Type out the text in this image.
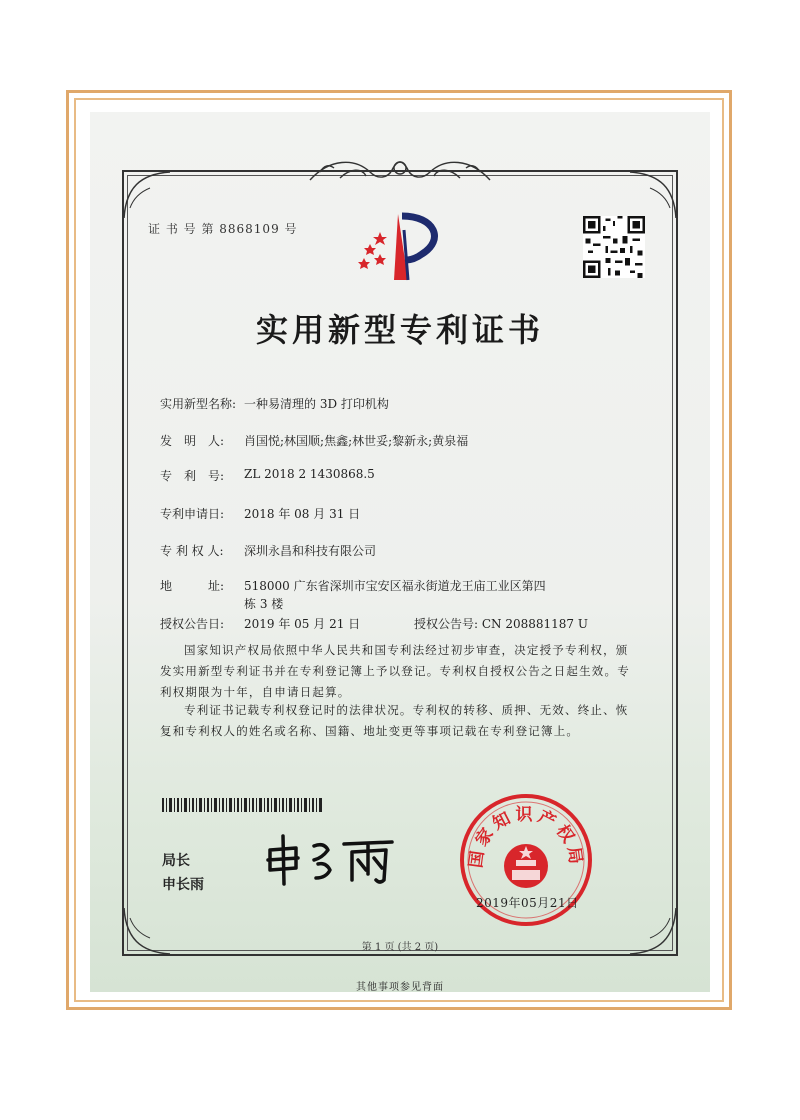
证 书 号 第 8868109 号
实用新型专利证书
实用新型名称: 一种易清理的 3D 打印机构
发　明　人:	肖国悦;林国顺;焦鑫;林世妥;黎新永;黄泉福
专　利　号:	ZL 2018 2 1430868.5
专利申请日:	2018 年 08 月 31 日
专 利 权 人:	深圳永昌和科技有限公司
地　　　址:	518000 广东省深圳市宝安区福永街道龙王庙工业区第四栋 3 楼
授权公告日:	2019 年 05 月 21 日	授权公告号: CN 208881187 U
国家知识产权局依照中华人民共和国专利法经过初步审查，决定授予专利权，颁发实用新型专利证书并在专利登记簿上予以登记。专利权自授权公告之日起生效。专利权期限为十年，自申请日起算。
专利证书记载专利权登记时的法律状况。专利权的转移、质押、无效、终止、恢复和专利权人的姓名或名称、国籍、地址变更等事项记载在专利登记簿上。
局长
申长雨
国家知识产权局
2019年05月21日
第 1 页 (共 2 页)
其他事项参见背面
